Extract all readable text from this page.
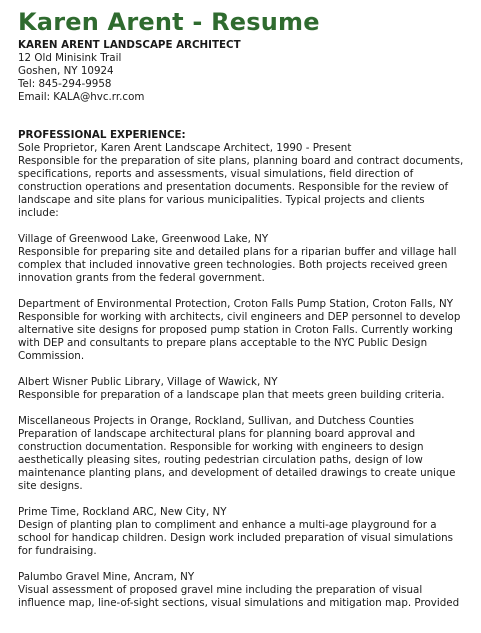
Karen Arent - Resume
KAREN ARENT LANDSCAPE ARCHITECT
12 Old Minisink Trail
Goshen, NY 10924
Tel: 845-294-9958
Email: KALA@hvc.rr.com
PROFESSIONAL EXPERIENCE:
Sole Proprietor, Karen Arent Landscape Architect, 1990 - Present
Responsible for the preparation of site plans, planning board and contract documents,
specifications, reports and assessments, visual simulations, field direction of
construction operations and presentation documents. Responsible for the review of
landscape and site plans for various municipalities. Typical projects and clients
include:
Village of Greenwood Lake, Greenwood Lake, NY
Responsible for preparing site and detailed plans for a riparian buffer and village hall
complex that included innovative green technologies. Both projects received green
innovation grants from the federal government.
Department of Environmental Protection, Croton Falls Pump Station, Croton Falls, NY
Responsible for working with architects, civil engineers and DEP personnel to develop
alternative site designs for proposed pump station in Croton Falls. Currently working
with DEP and consultants to prepare plans acceptable to the NYC Public Design
Commission.
Albert Wisner Public Library, Village of Wawick, NY
Responsible for preparation of a landscape plan that meets green building criteria.
Miscellaneous Projects in Orange, Rockland, Sullivan, and Dutchess Counties
Preparation of landscape architectural plans for planning board approval and
construction documentation. Responsible for working with engineers to design
aesthetically pleasing sites, routing pedestrian circulation paths, design of low
maintenance planting plans, and development of detailed drawings to create unique
site designs.
Prime Time, Rockland ARC, New City, NY
Design of planting plan to compliment and enhance a multi-age playground for a
school for handicap children. Design work included preparation of visual simulations
for fundraising.
Palumbo Gravel Mine, Ancram, NY
Visual assessment of proposed gravel mine including the preparation of visual
influence map, line-of-sight sections, visual simulations and mitigation map. Provided
